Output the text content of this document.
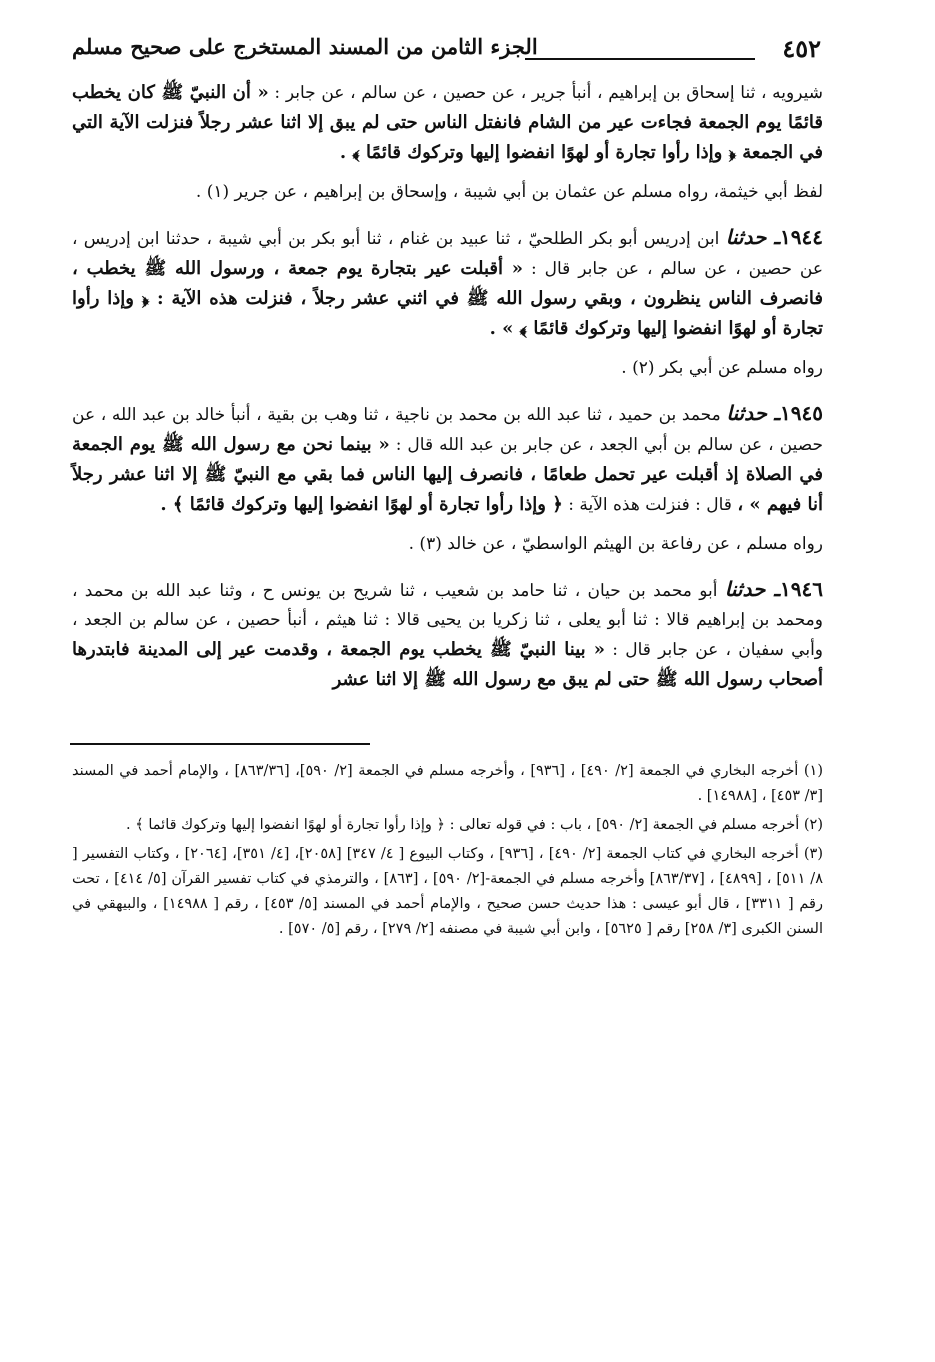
٤٥٢
الجزء الثامن من المسند المستخرج على صحيح مسلم

شيرويه ، ثنا إسحاق بن إبراهيم ، أنبأ جرير ، عن حصين ، عن سالم ، عن جابر : « أن النبيّ ﷺ كان يخطب قائمًا يوم الجمعة فجاءت عير من الشام فانفتل الناس حتى لم يبق إلا اثنا عشر رجلاً فنزلت الآية التي في الجمعة ﴿ وإذا رأوا تجارة أو لهوًا انفضوا إليها وتركوك قائمًا ﴾ .

لفظ أبي خيثمة، رواه مسلم عن عثمان بن أبي شيبة ، وإسحاق بن إبراهيم ، عن جرير (١) .

١٩٤٤ـ حدثنا ابن إدريس أبو بكر الطلحيّ ، ثنا عبيد بن غنام ، ثنا أبو بكر بن أبي شيبة ، حدثنا ابن إدريس ، عن حصين ، عن سالم ، عن جابر قال : « أقبلت عير بتجارة يوم جمعة ، ورسول الله ﷺ يخطب ، فانصرف الناس ينظرون ، وبقي رسول الله ﷺ في اثني عشر رجلاً ، فنزلت هذه الآية : ﴿ وإذا رأوا تجارة أو لهوًا انفضوا إليها وتركوك قائمًا ﴾ » .

رواه مسلم عن أبي بكر (٢) .

١٩٤٥ـ حدثنا محمد بن حميد ، ثنا عبد الله بن محمد بن ناجية ، ثنا وهب بن بقية ، أنبأ خالد بن عبد الله ، عن حصين ، عن سالم بن أبي الجعد ، عن جابر بن عبد الله قال : « بينما نحن مع رسول الله ﷺ يوم الجمعة في الصلاة إذ أقبلت عير تحمل طعامًا ، فانصرف إليها الناس فما بقي مع النبيّ ﷺ إلا اثنا عشر رجلاً أنا فيهم » ، قال : فنزلت هذه الآية : ﴿ وإذا رأوا تجارة أو لهوًا انفضوا إليها وتركوك قائمًا ﴾ .

رواه مسلم ، عن رفاعة بن الهيثم الواسطيّ ، عن خالد (٣) .

١٩٤٦ـ حدثنا أبو محمد بن حيان ، ثنا حامد بن شعيب ، ثنا شريح بن يونس ح ، وثنا عبد الله بن محمد ، ومحمد بن إبراهيم قالا : ثنا أبو يعلى ، ثنا زكريا بن يحيى قالا : ثنا هيثم ، أنبأ حصين ، عن سالم بن الجعد ، وأبي سفيان ، عن جابر قال : « بينا النبيّ ﷺ يخطب يوم الجمعة ، وقدمت عير إلى المدينة فابتدرها أصحاب رسول الله ﷺ حتى لم يبق مع رسول الله ﷺ إلا اثنا عشر

(١) أخرجه البخاري في الجمعة [٢/ ٤٩٠] ، [٩٣٦] ، وأخرجه مسلم في الجمعة [٢/ ٥٩٠]، [٨٦٣/٣٦] ، والإمام أحمد في المسند [٣/ ٤٥٣] ، [١٤٩٨٨] .

(٢) أخرجه مسلم في الجمعة [٢/ ٥٩٠] ، باب : في قوله تعالى : ﴿ وإذا رأوا تجارة أو لهوًا انفضوا إليها وتركوك قائما ﴾ .

(٣) أخرجه البخاري في كتاب الجمعة [٢/ ٤٩٠] ، [٩٣٦] ، وكتاب البيوع [ ٤/ ٣٤٧] [٢٠٥٨]، [٤/ ٣٥١]، [٢٠٦٤] ، وكتاب التفسير [ ٨/ ٥١١] ، [٤٨٩٩] ، [٨٦٣/٣٧] وأخرجه مسلم في الجمعة-[٢/ ٥٩٠] ، [٨٦٣] ، والترمذي في كتاب تفسير القرآن [٥/ ٤١٤] ، تحت رقم [ ٣٣١١] ، قال أبو عيسى : هذا حديث حسن صحيح ، والإمام أحمد في المسند [٥/ ٤٥٣] ، رقم [ ١٤٩٨٨] ، والبيهقي في السنن الكبرى [٣/ ٢٥٨] رقم [ ٥٦٢٥] ، وابن أبي شيبة في مصنفه [٢/ ٢٧٩] ، رقم [٥/ ٥٧٠] .
